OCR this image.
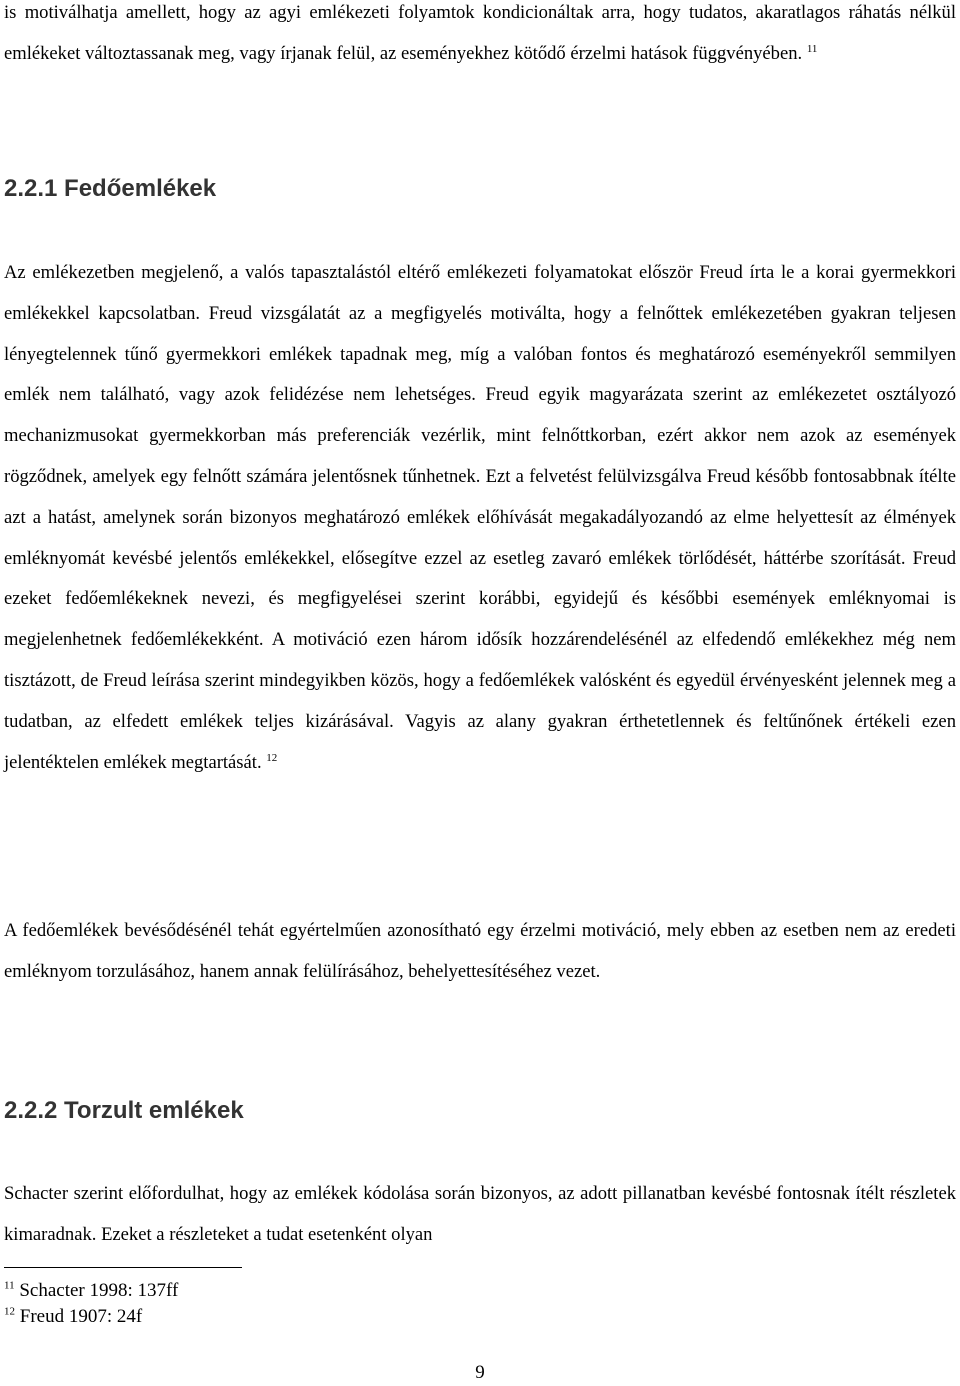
is motiválhatja amellett, hogy az agyi emlékezeti folyamtok kondicionáltak arra, hogy tudatos, akaratlagos ráhatás nélkül emlékeket változtassanak meg, vagy írjanak felül, az eseményekhez kötődő érzelmi hatások függvényében. $^{11}$

2.2.1 Fedőemlékek

Az emlékezetben megjelenő, a valós tapasztalástól eltérő emlékezeti folyamatokat először Freud írta le a korai gyermekkori emlékekkel kapcsolatban. Freud vizsgálatát az a megfigyelés motiválta, hogy a felnőttek emlékezetében gyakran teljesen lényegtelennek tűnő gyermekkori emlékek tapadnak meg, míg a valóban fontos és meghatározó eseményekről semmilyen emlék nem található, vagy azok felidézése nem lehetséges. Freud egyik magyarázata szerint az emlékezetet osztályozó mechanizmusokat gyermekkorban más preferenciák vezérlik, mint felnőttkorban, ezért akkor nem azok az események rögződnek, amelyek egy felnőtt számára jelentősnek tűnhetnek. Ezt a felvetést felülvizsgálva Freud később fontosabbnak ítélte azt a hatást, amelynek során bizonyos meghatározó emlékek előhívását megakadályozandó az elme helyettesít az élmények emléknyomát kevésbé jelentős emlékekkel, elősegítve ezzel az esetleg zavaró emlékek törlődését, háttérbe szorítását. Freud ezeket fedőemlékeknek nevezi, és megfigyelései szerint korábbi, egyidejű és későbbi események emléknyomai is megjelenhetnek fedőemlékekként. A motiváció ezen három idősík hozzárendelésénél az elfedendő emlékekhez még nem tisztázott, de Freud leírása szerint mindegyikben közös, hogy a fedőemlékek valósként és egyedül érvényesként jelennek meg a tudatban, az elfedett emlékek teljes kizárásával. Vagyis az alany gyakran érthetetlennek és feltűnőnek értékeli ezen jelentéktelen emlékek megtartását. $^{12}$

A fedőemlékek bevésődésénél tehát egyértelműen azonosítható egy érzelmi motiváció, mely ebben az esetben nem az eredeti emléknyom torzulásához, hanem annak felülírásához, behelyettesítéséhez vezet.

2.2.2 Torzult emlékek

Schacter szerint előfordulhat, hogy az emlékek kódolása során bizonyos, az adott pillanatban kevésbé fontosnak ítélt részletek kimaradnak. Ezeket a részleteket a tudat esetenként olyan

$^{11}$ Schacter 1998: 137ff

$^{12}$ Freud 1907: 24f

9
